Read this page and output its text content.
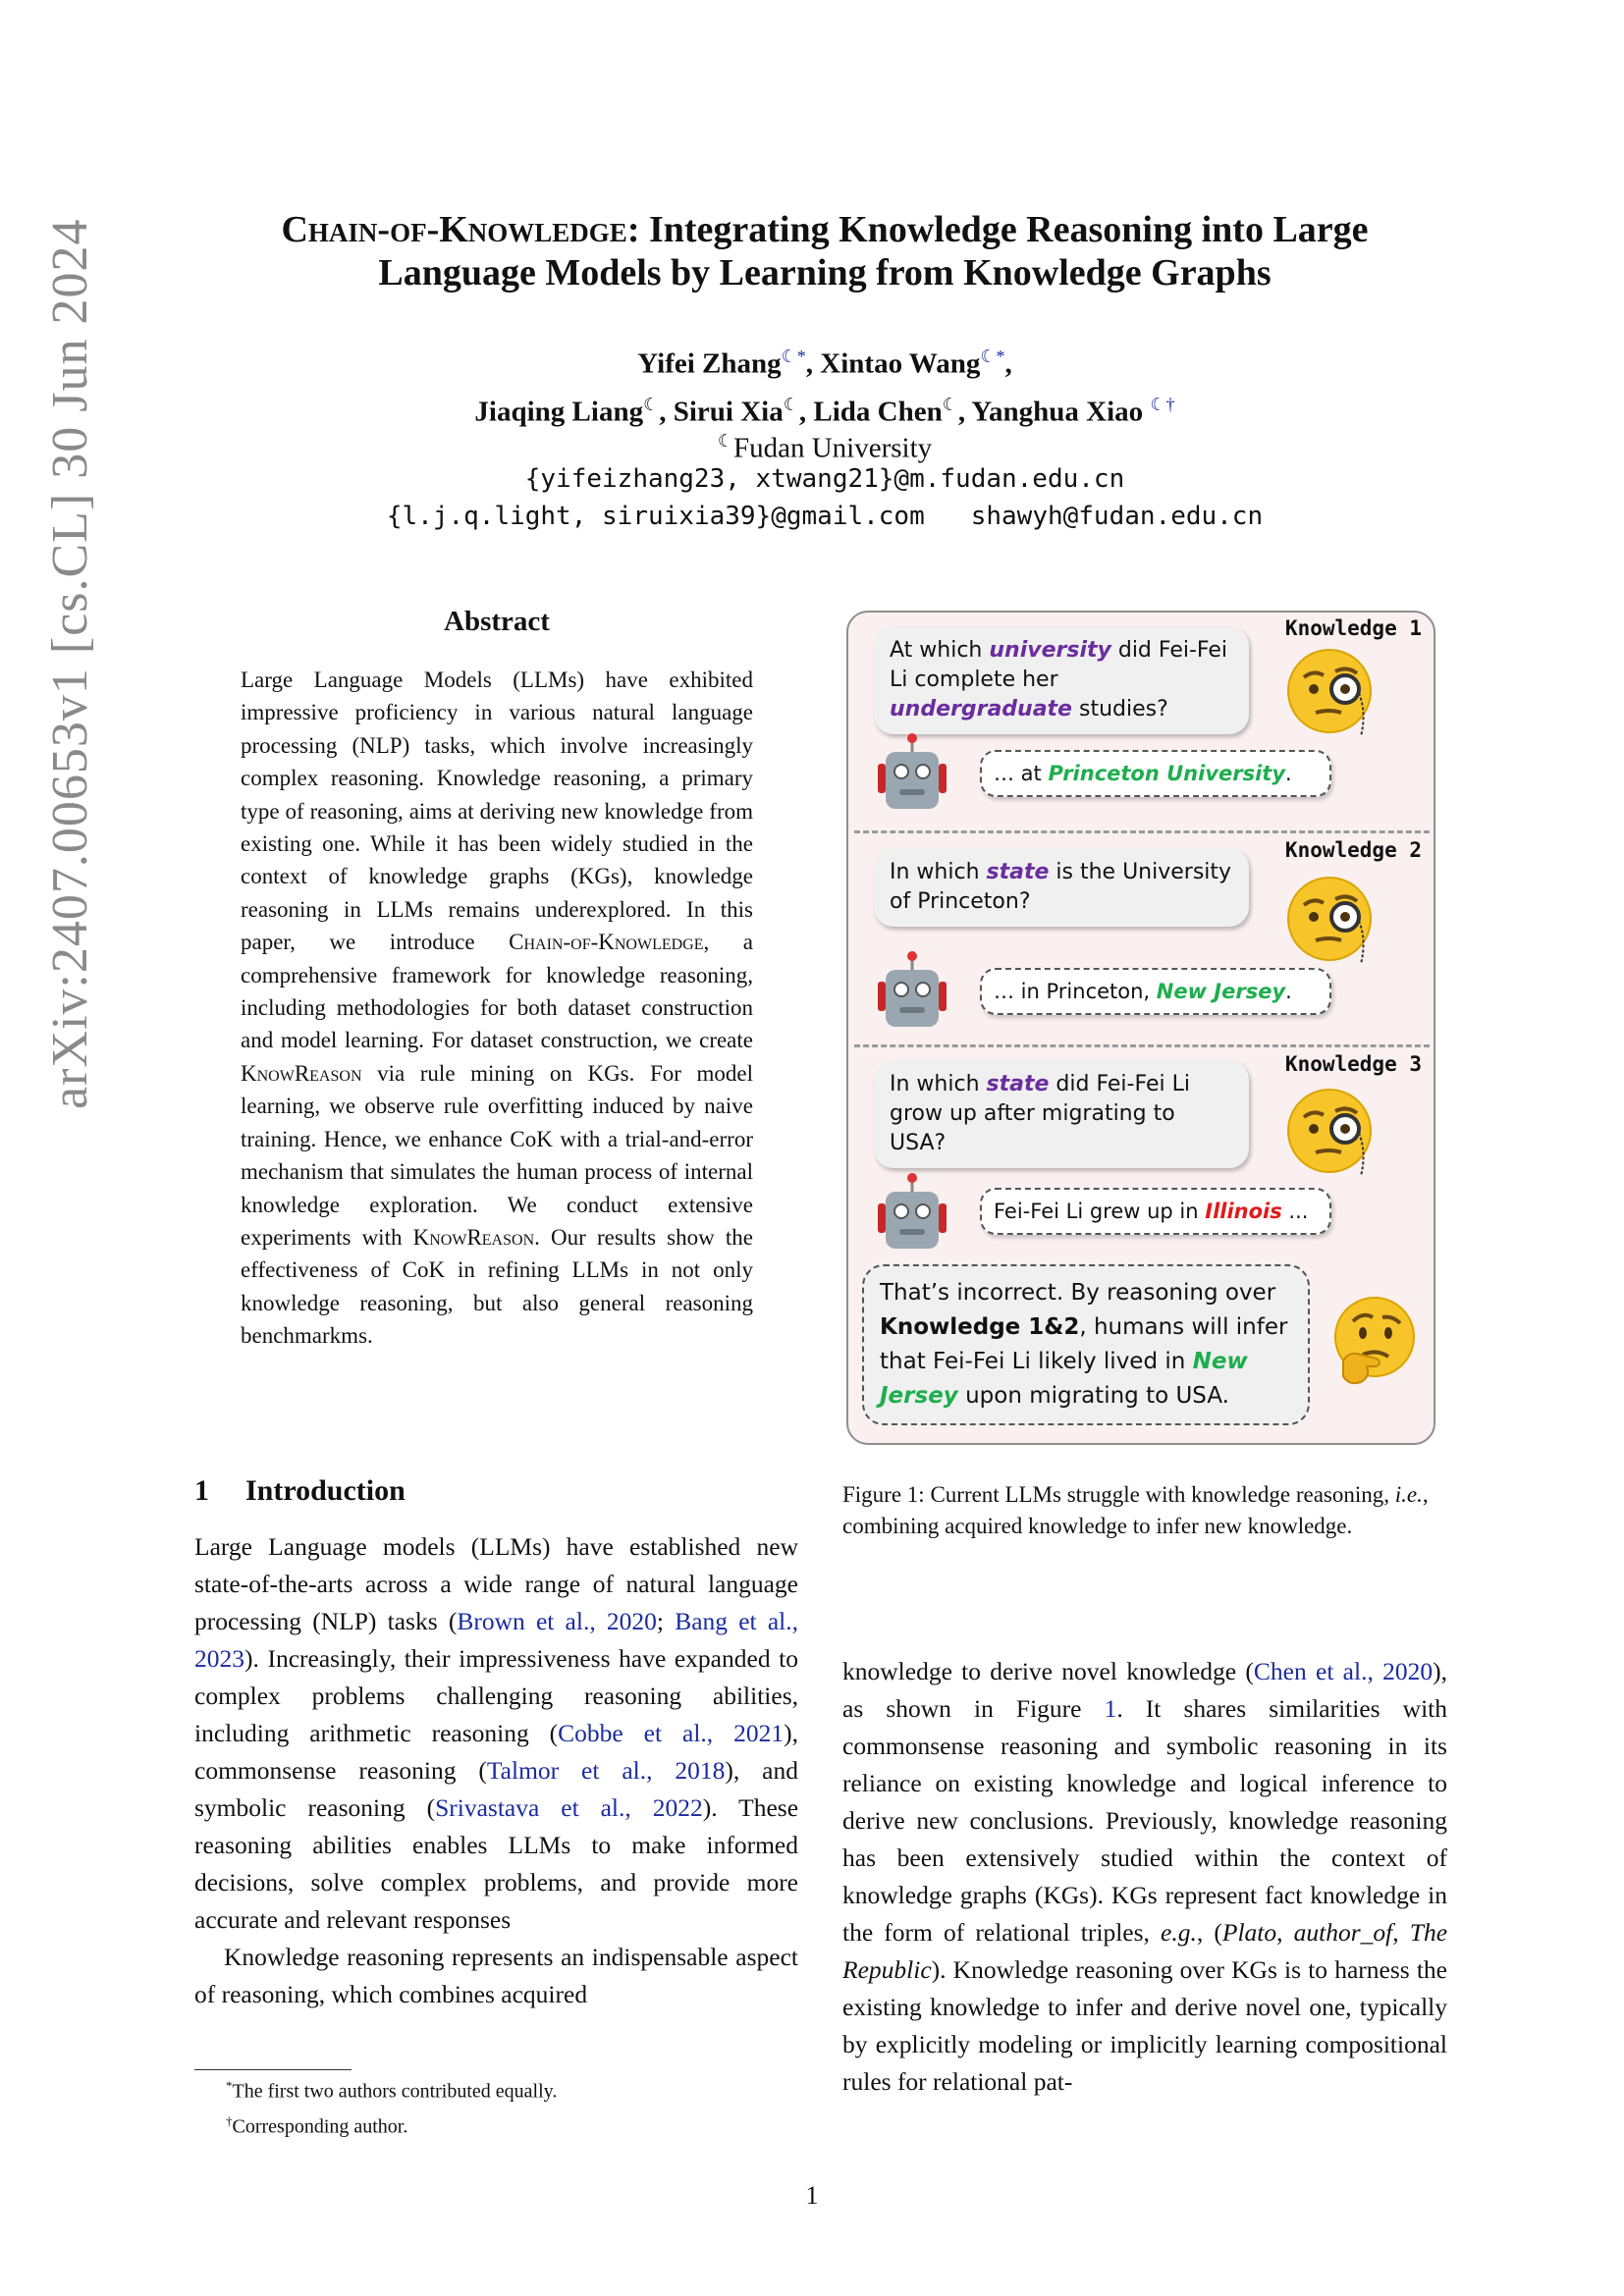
arXiv:2407.00653v1 [cs.CL] 30 Jun 2024	Chain-of-Knowledge: Integrating Knowledge Reasoning into Large
Language Models by Learning from Knowledge Graphs
Yifei Zhang☾*, Xintao Wang☾*,
Jiaqing Liang☾, Sirui Xia☾, Lida Chen☾, Yanghua Xiao ☾†
☾Fudan University
{yifeizhang23, xtwang21}@m.fudan.edu.cn
{l.j.q.light, siruixia39}@gmail.com   shawyh@fudan.edu.cn
Abstract
Large Language Models (LLMs) have exhibited impressive proficiency in various natural language processing (NLP) tasks, which involve increasingly complex reasoning. Knowledge reasoning, a primary type of reasoning, aims at deriving new knowledge from existing one. While it has been widely studied in the context of knowledge graphs (KGs), knowledge reasoning in LLMs remains underexplored. In this paper, we introduce Chain-of-Knowledge, a comprehensive framework for knowledge reasoning, including methodologies for both dataset construction and model learning. For dataset construction, we create KnowReason via rule mining on KGs. For model learning, we observe rule overfitting induced by naive training. Hence, we enhance CoK with a trial-and-error mechanism that simulates the human process of internal knowledge exploration. We conduct extensive experiments with KnowReason. Our results show the effectiveness of CoK in refining LLMs in not only knowledge reasoning, but also general reasoning benchmarkms.
1 Introduction

Large Language models (LLMs) have established new state-of-the-arts across a wide range of natural language processing (NLP) tasks (Brown et al., 2020; Bang et al., 2023). Increasingly, their impressiveness have expanded to complex problems challenging reasoning abilities, including arithmetic reasoning (Cobbe et al., 2021), commonsense reasoning (Talmor et al., 2018), and symbolic reasoning (Srivastava et al., 2022). These reasoning abilities enables LLMs to make informed decisions, solve complex problems, and provide more accurate and relevant responses

Knowledge reasoning represents an indispensable aspect of reasoning, which combines acquired

*The first two authors contributed equally.
†Corresponding author.
Knowledge 1
At which university did Fei-Fei Li complete her undergraduate studies?
… at Princeton University.
Knowledge 2
In which state is the University of Princeton?
… in Princeton, New Jersey.
Knowledge 3
In which state did Fei-Fei Li grow up after migrating to USA?
Fei-Fei Li grew up in Illinois ...
That’s incorrect. By reasoning over Knowledge 1&2, humans will infer that Fei-Fei Li likely lived in New Jersey upon migrating to USA.
Figure 1: Current LLMs struggle with knowledge reasoning, i.e., combining acquired knowledge to infer new knowledge.

knowledge to derive novel knowledge (Chen et al., 2020), as shown in Figure 1. It shares similarities with commonsense reasoning and symbolic reasoning in its reliance on existing knowledge and logical inference to derive new conclusions. Previously, knowledge reasoning has been extensively studied within the context of knowledge graphs (KGs). KGs represent fact knowledge in the form of relational triples, e.g., (Plato, author_of, The Republic). Knowledge reasoning over KGs is to harness the existing knowledge to infer and derive novel one, typically by explicitly modeling or implicitly learning compositional rules for relational pat-

1
